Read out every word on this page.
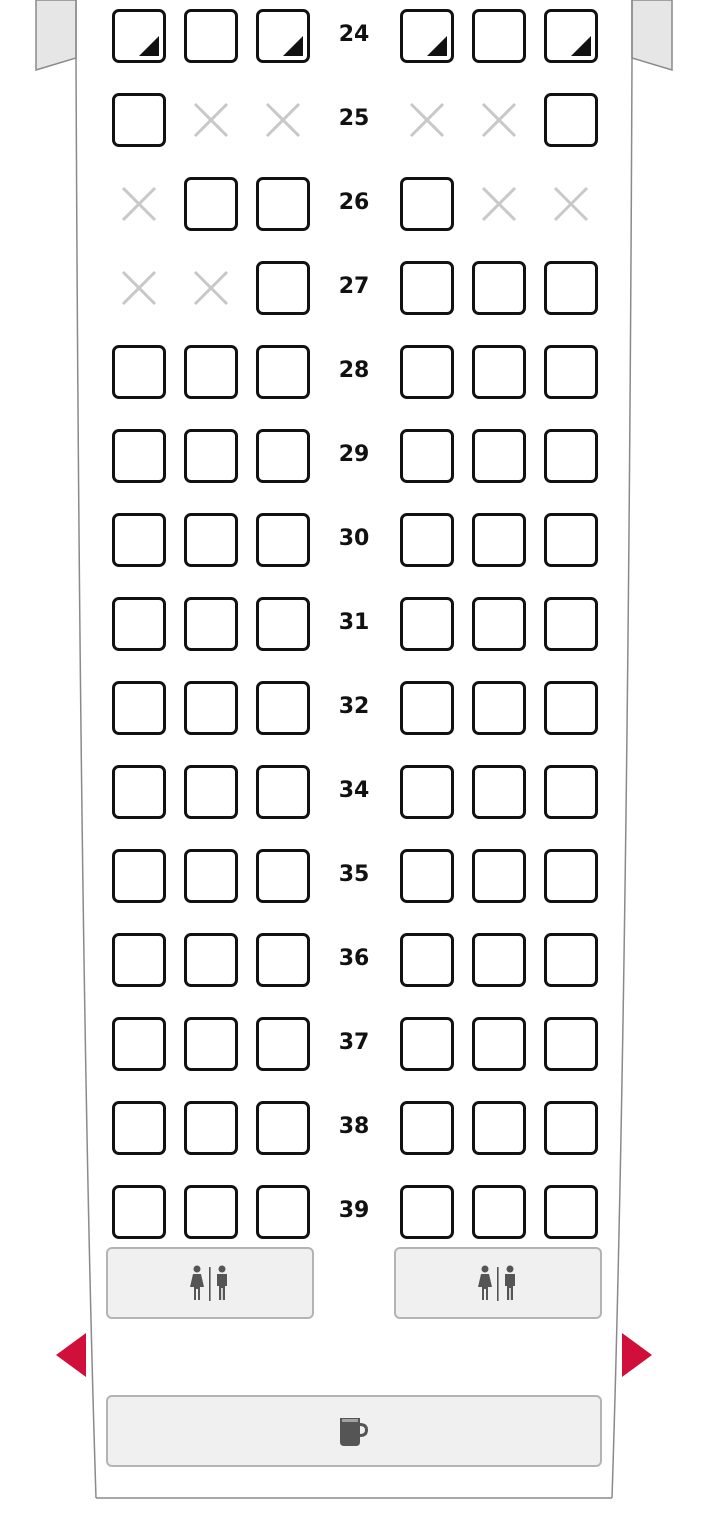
24
25
26
27
28
29
30
31
32
34
35
36
37
38
39
